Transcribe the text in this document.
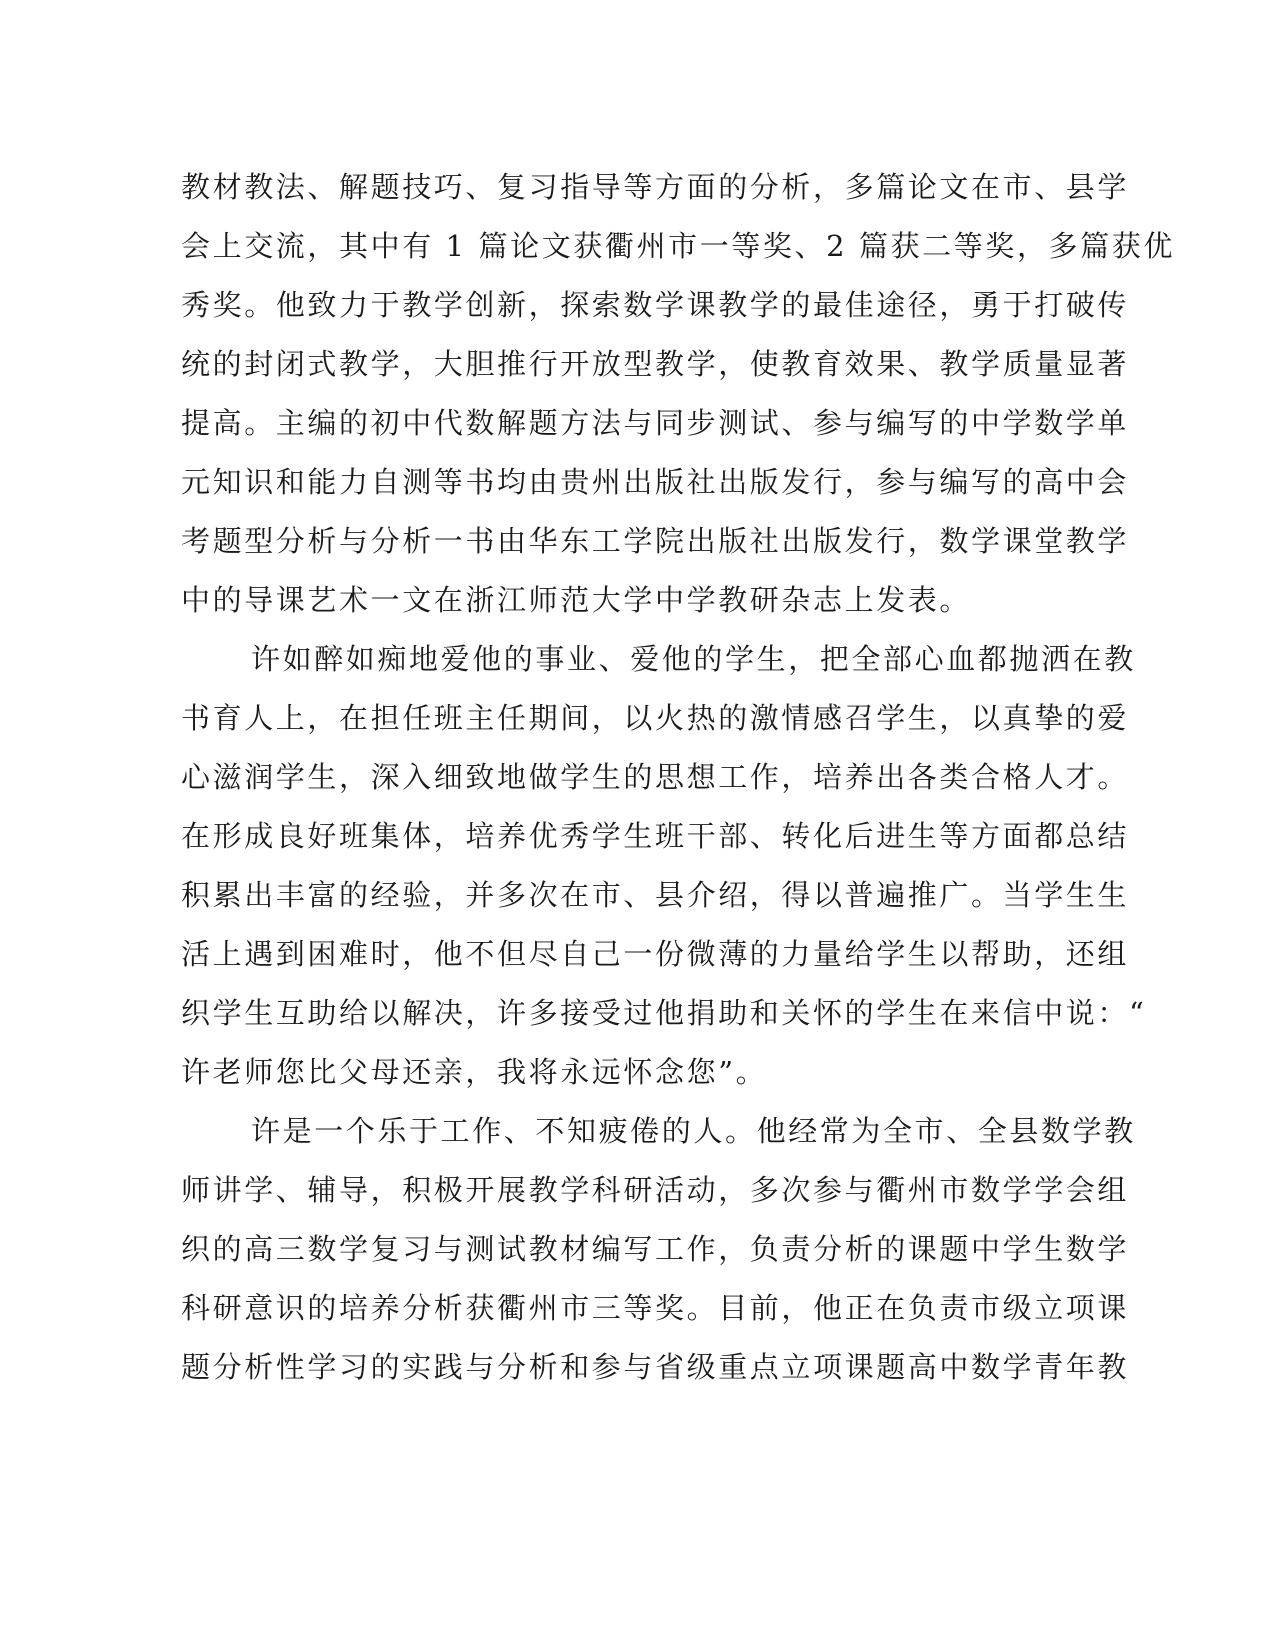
教材教法、解题技巧、复习指导等方面的分析，多篇论文在市、县学
会上交流，其中有 1 篇论文获衢州市一等奖、2 篇获二等奖，多篇获优
秀奖。他致力于教学创新，探索数学课教学的最佳途径，勇于打破传
统的封闭式教学，大胆推行开放型教学，使教育效果、教学质量显著
提高。主编的初中代数解题方法与同步测试、参与编写的中学数学单
元知识和能力自测等书均由贵州出版社出版发行，参与编写的高中会
考题型分析与分析一书由华东工学院出版社出版发行，数学课堂教学
中的导课艺术一文在浙江师范大学中学教研杂志上发表。
许如醉如痴地爱他的事业、爱他的学生，把全部心血都抛洒在教
书育人上，在担任班主任期间，以火热的激情感召学生，以真挚的爱
心滋润学生，深入细致地做学生的思想工作，培养出各类合格人才。
在形成良好班集体，培养优秀学生班干部、转化后进生等方面都总结
积累出丰富的经验，并多次在市、县介绍，得以普遍推广。当学生生
活上遇到困难时，他不但尽自己一份微薄的力量给学生以帮助，还组
织学生互助给以解决，许多接受过他捐助和关怀的学生在来信中说：“
许老师您比父母还亲，我将永远怀念您”。
许是一个乐于工作、不知疲倦的人。他经常为全市、全县数学教
师讲学、辅导，积极开展教学科研活动，多次参与衢州市数学学会组
织的高三数学复习与测试教材编写工作，负责分析的课题中学生数学
科研意识的培养分析获衢州市三等奖。目前，他正在负责市级立项课
题分析性学习的实践与分析和参与省级重点立项课题高中数学青年教
